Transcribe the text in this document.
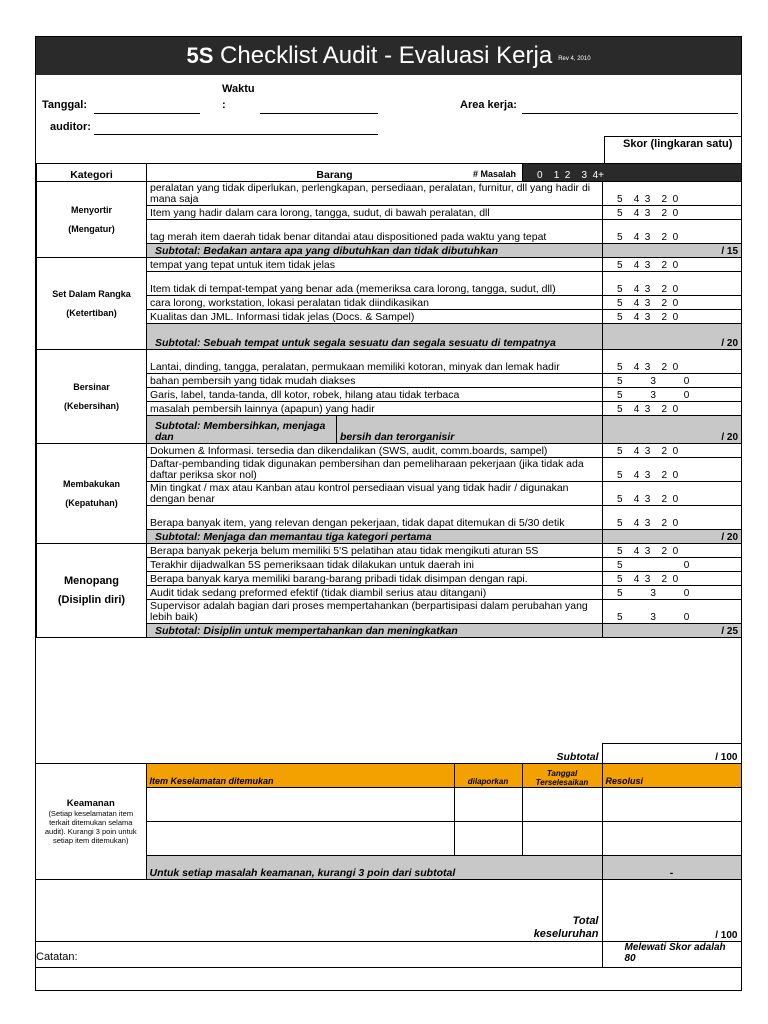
5S Checklist Audit - Evaluasi Kerja Rev 4, 2010
Waktu
:
Tanggal:	Area kerja:
auditor:
Skor (lingkaran satu)
Kategori	Barang # Masalah		0    1  2    3  4+	

Menyortir
(Mengatur)	peralatan yang tidak diperlukan, perlengkapan, persediaan, peralatan, furnitur, dll yang hadir di mana saja			5    4  3    2  0
	Item yang hadir dalam cara lorong, tangga, sudut, di bawah peralatan, dll			5    4  3    2  0
	tag merah item daerah tidak benar ditandai atau dispositioned pada waktu yang tepat			5    4  3    2  0
	Subtotal: Bedakan antara apa yang dibutuhkan dan tidak dibutuhkan			/ 15

Set Dalam Rangka
(Ketertiban)	tempat yang tepat untuk item tidak jelas			5    4  3    2  0
	Item tidak di tempat-tempat yang benar ada (memeriksa cara lorong, tangga, sudut, dll)			5    4  3    2  0
	cara lorong, workstation, lokasi peralatan tidak diindikasikan			5    4  3    2  0
	Kualitas dan JML. Informasi tidak jelas (Docs. & Sampel)			5    4  3    2  0
	Subtotal: Sebuah tempat untuk segala sesuatu dan segala sesuatu di tempatnya			/ 20

Bersinar
(Kebersihan)	Lantai, dinding, tangga, peralatan, permukaan memiliki kotoran, minyak dan lemak hadir			5    4  3    2  0
	bahan pembersih yang tidak mudah diakses			5          3          0
	Garis, label, tanda-tanda, dll kotor, robek, hilang atau tidak terbaca			5          3          0
	masalah pembersih lainnya (apapun) yang hadir			5    4  3    2  0
	Subtotal: Membersihkan, menjaga dan	bersih dan terorganisir		/ 20

Membakukan
(Kepatuhan)	Dokumen & Informasi. tersedia dan dikendalikan (SWS, audit, comm.boards, sampel)			5    4  3    2  0
	Daftar-pembanding tidak digunakan pembersihan dan pemeliharaan pekerjaan (jika tidak ada daftar periksa skor nol)			5    4  3    2  0
	Min tingkat / max atau Kanban atau kontrol persediaan visual yang tidak hadir / digunakan dengan benar			5    4  3    2  0
	Berapa banyak item, yang relevan dengan pekerjaan, tidak dapat ditemukan di 5/30 detik			5    4  3    2  0
	Subtotal: Menjaga dan memantau tiga kategori pertama			/ 20

Menopang
(Disiplin diri)	Berapa banyak pekerja belum memiliki 5'S pelatihan atau tidak mengikuti aturan 5S			5    4  3    2  0
	Terakhir dijadwalkan 5S pemeriksaan tidak dilakukan untuk daerah ini			5                      0
	Berapa banyak karya memiliki barang-barang pribadi tidak disimpan dengan rapi.			5    4  3    2  0
	Audit tidak sedang preformed efektif (tidak diambil serius atau ditangani)			5          3          0
	Supervisor adalah bagian dari proses mempertahankan (berpartisipasi dalam perubahan yang lebih baik)			5          3          0
	Subtotal: Disiplin untuk mempertahankan dan meningkatkan			/ 25
			Subtotal	/ 100

Keamanan
(Setiap keselamatan item terkait ditemukan selama audit). Kurangi 3 poin untuk setiap item ditemukan)	Item Keselamatan ditemukan	dilaporkan	Tanggal Terselesaikan	Resolusi

	Untuk setiap masalah keamanan, kurangi 3 poin dari subtotal			-
			Total keseluruhan	/ 100
				Melewati Skor adalah 80
Catatan:
